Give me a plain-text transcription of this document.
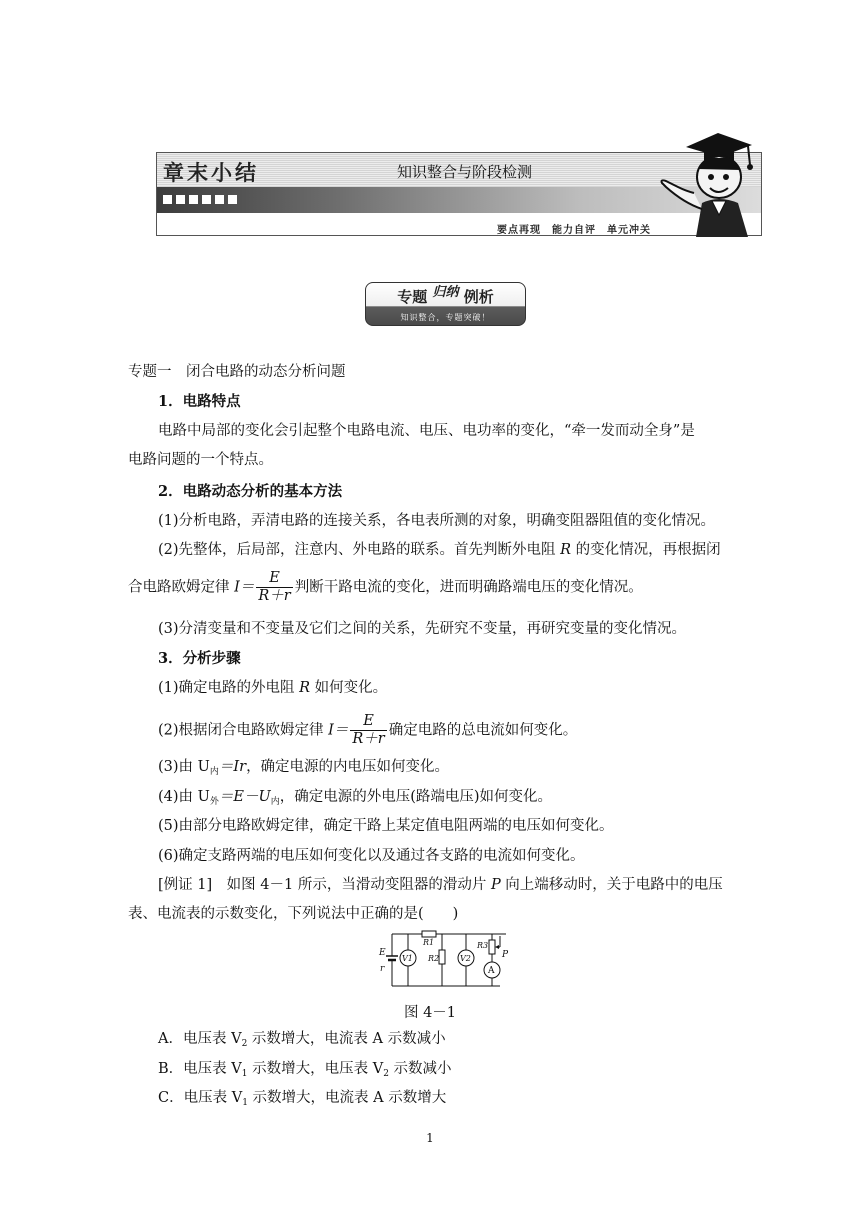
章末小结	知识整合与阶段检测
要点再现　能力自评　单元冲关
专题 归纳 例析
知识整合，专题突破！
专题一　闭合电路的动态分析问题
1．电路特点
电路中局部的变化会引起整个电路电流、电压、电功率的变化，“牵一发而动全身”是
电路问题的一个特点。
2．电路动态分析的基本方法
(1)分析电路，弄清电路的连接关系，各电表所测的对象，明确变阻器阻值的变化情况。
(2)先整体，后局部，注意内、外电路的联系。首先判断外电阻 R 的变化情况，再根据闭
合电路欧姆定律 $I= \frac{E}{R+r}$ 判断干路电流的变化，进而明确路端电压的变化情况。
(3)分清变量和不变量及它们之间的关系，先研究不变量，再研究变量的变化情况。
3．分析步骤
(1)确定电路的外电阻 R 如何变化。
(2)根据闭合电路欧姆定律 $I= \frac{E}{R+r}$ 确定电路的总电流如何变化。
(3)由 $U_内=Ir$，确定电源的内电压如何变化。
(4)由 $U_外=E-U_内$，确定电源的外电压(路端电压)如何变化。
(5)由部分电路欧姆定律，确定干路上某定值电阻两端的电压如何变化。
(6)确定支路两端的电压如何变化以及通过各支路的电流如何变化。
[例证 1]　如图 4－1 所示，当滑动变阻器的滑动片 P 向上端移动时，关于电路中的电压
表、电流表的示数变化，下列说法中正确的是(　　)
E
r
V1
R1
R2	V2
R3
P
A
图 4－1
A．电压表 $V_2$ 示数增大，电流表 A 示数减小
B．电压表 $V_1$ 示数增大，电压表 $V_2$ 示数减小
C．电压表 $V_1$ 示数增大，电流表 A 示数增大
1
